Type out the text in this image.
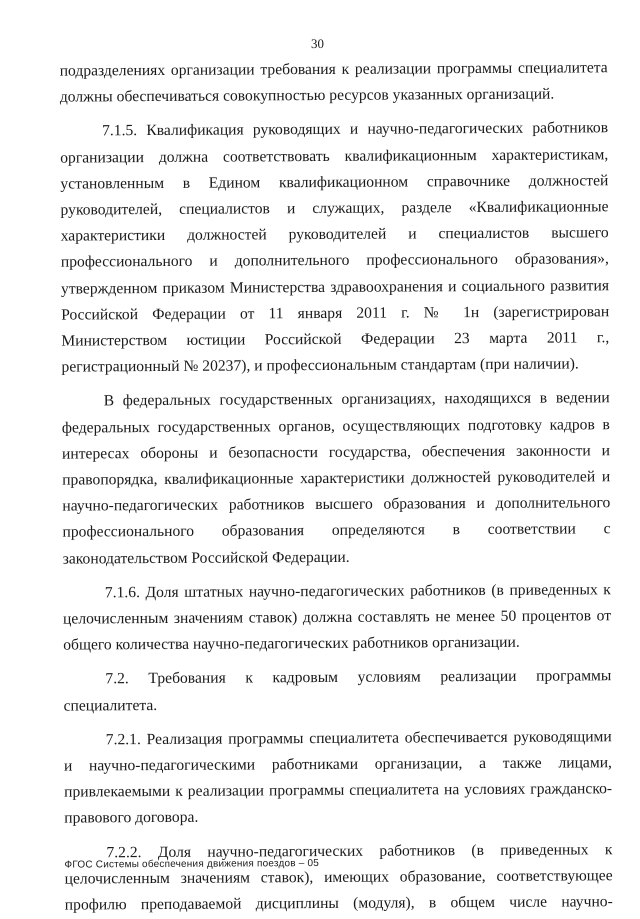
30

подразделениях организации требования к реализации программы специалитета должны обеспечиваться совокупностью ресурсов указанных организаций.

7.1.5. Квалификация руководящих и научно-педагогических работников организации должна соответствовать квалификационным характеристикам, установленным в Едином квалификационном справочнике должностей руководителей, специалистов и служащих, разделе «Квалификационные характеристики должностей руководителей и специалистов высшего профессионального и дополнительного профессионального образования», утвержденном приказом Министерства здравоохранения и социального развития Российской Федерации от 11 января 2011 г. № 1н (зарегистрирован Министерством юстиции Российской Федерации 23 марта 2011 г., регистрационный № 20237), и профессиональным стандартам (при наличии).

В федеральных государственных организациях, находящихся в ведении федеральных государственных органов, осуществляющих подготовку кадров в интересах обороны и безопасности государства, обеспечения законности и правопорядка, квалификационные характеристики должностей руководителей и научно-педагогических работников высшего образования и дополнительного профессионального образования определяются в соответствии с законодательством Российской Федерации.

7.1.6. Доля штатных научно-педагогических работников (в приведенных к целочисленным значениям ставок) должна составлять не менее 50 процентов от общего количества научно-педагогических работников организации.

7.2. Требования к кадровым условиям реализации программы специалитета.

7.2.1. Реализация программы специалитета обеспечивается руководящими и научно-педагогическими работниками организации, а также лицами, привлекаемыми к реализации программы специалитета на условиях гражданско-правового договора.

7.2.2. Доля научно-педагогических работников (в приведенных к целочисленным значениям ставок), имеющих образование, соответствующее профилю преподаваемой дисциплины (модуля), в общем числе научно-

ФГОС Системы обеспечения движения поездов – 05
